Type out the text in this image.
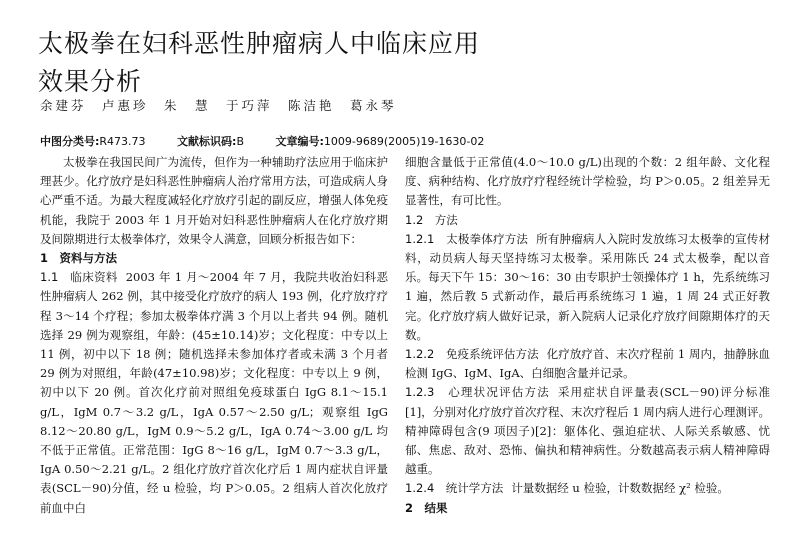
太极拳在妇科恶性肿瘤病人中临床应用
效果分析
余建芬　卢惠珍　朱　慧　于巧萍　陈洁艳　葛永琴
中图分类号:R473.73	文献标识码:B	文章编号:1009-9689(2005)19-1630-02

太极拳在我国民间广为流传，但作为一种辅助疗法应用于临床护理甚少。化疗放疗是妇科恶性肿瘤病人治疗常用方法，可造成病人身心严重不适。为最大程度减轻化疗放疗引起的副反应，增强人体免疫机能，我院于 2003 年 1 月开始对妇科恶性肿瘤病人在化疗放疗期及间隙期进行太极拳体疗，效果令人满意，回顾分析报告如下：

1　资料与方法

1.1　临床资料 2003 年 1 月～2004 年 7 月，我院共收治妇科恶性肿瘤病人 262 例，其中接受化疗放疗的病人 193 例，化疗放疗疗程 3～14 个疗程；参加太极拳体疗满 3 个月以上者共 94 例。随机选择 29 例为观察组，年龄：(45±10.14)岁；文化程度：中专以上 11 例，初中以下 18 例；随机选择未参加体疗者或未满 3 个月者 29 例为对照组，年龄(47±10.98)岁；文化程度：中专以上 9 例，初中以下 20 例。首次化疗前对照组免疫球蛋白 IgG 8.1～15.1 g/L，IgM 0.7～3.2 g/L，IgA 0.57～2.50 g/L；观察组 IgG 8.12～20.80 g/L，IgM 0.9～5.2 g/L，IgA 0.74～3.00 g/L 均不低于正常值。正常范围：IgG 8～16 g/L，IgM 0.7～3.3 g/L，IgA 0.50～2.21 g/L。2 组化疗放疗首次化疗后 1 周内症状自评量表(SCL－90)分值，经 u 检验，均 P＞0.05。2 组病人首次化放疗前血中白

细胞含量低于正常值(4.0～10.0 g/L)出现的个数：2 组年龄、文化程度、病种结构、化疗放疗疗程经统计学检验，均 P＞0.05。2 组差异无显著性，有可比性。

1.2　方法

1.2.1　太极拳体疗方法 所有肿瘤病人入院时发放练习太极拳的宣传材料，动员病人每天坚持练习太极拳。采用陈氏 24 式太极拳，配以音乐。每天下午 15：30～16：30 由专职护士领操体疗 1 h，先系统练习 1 遍，然后教 5 式新动作，最后再系统练习 1 遍，1 周 24 式正好教完。化疗放疗病人做好记录，新入院病人记录化疗放疗间隙期体疗的天数。

1.2.2　免疫系统评估方法 化疗放疗首、末次疗程前 1 周内，抽静脉血检测 IgG、IgM、IgA、白细胞含量并记录。

1.2.3　心理状况评估方法 采用症状自评量表(SCL－90)评分标准[1]，分别对化疗放疗首次疗程、末次疗程后 1 周内病人进行心理测评。精神障碍包含(9 项因子)[2]：躯体化、强迫症状、人际关系敏感、忧郁、焦虑、敌对、恐怖、偏执和精神病性。分数越高表示病人精神障碍越重。

1.2.4　统计学方法 计量数据经 u 检验，计数数据经 χ² 检验。

2　结果
